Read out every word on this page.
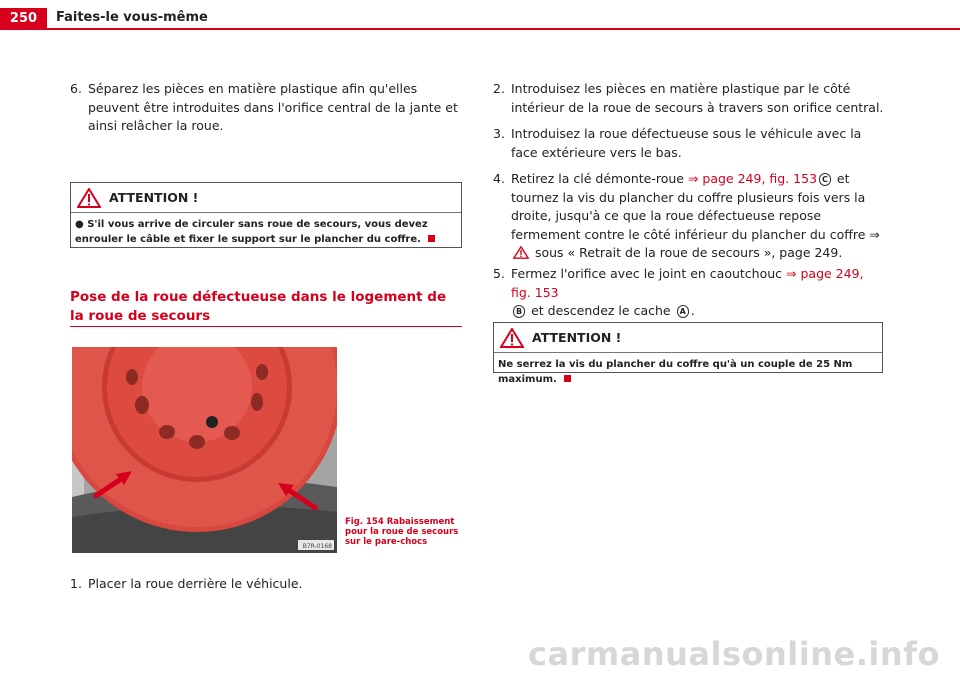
250	Faites-le vous-même
6. Séparez les pièces en matière plastique afin qu'elles peuvent être introduites dans l'orifice central de la jante et ainsi relâcher la roue.
ATTENTION !
● S'il vous arrive de circuler sans roue de secours, vous devez enrouler le câble et fixer le support sur le plancher du coffre.
Pose de la roue défectueuse dans le logement de la roue de secours
B7R-0168
Fig. 154 Rabaissement pour la roue de secours sur le pare-chocs
1. Placer la roue derrière le véhicule.
2. Introduisez les pièces en matière plastique par le côté intérieur de la roue de secours à travers son orifice central.
3. Introduisez la roue défectueuse sous le véhicule avec la face extérieure vers le bas.
4. Retirez la clé démonte-roue ⇒ page 249, fig. 153 C et tournez la vis du plancher du coffre plusieurs fois vers la droite, jusqu'à ce que la roue défectueuse repose fermement contre le côté inférieur du plancher du coffre ⇒ sous « Retrait de la roue de secours », page 249.
5. Fermez l'orifice avec le joint en caoutchouc ⇒ page 249, fig. 153
B et descendez le cache A .
ATTENTION !
Ne serrez la vis du plancher du coffre qu'à un couple de 25 Nm maximum.
carmanualsonline.info
